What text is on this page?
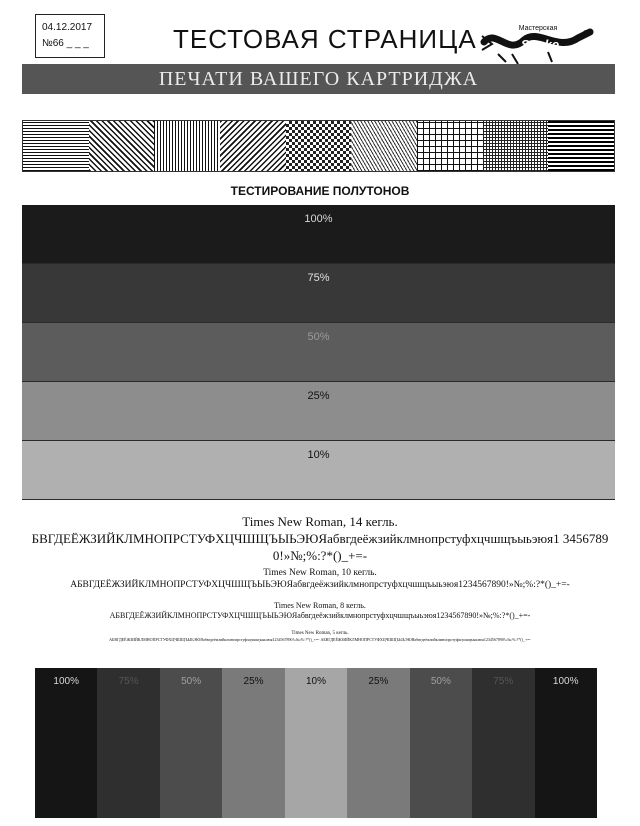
04.12.2017
№66 _ _ _	ТЕСТОВАЯ СТРАНИЦА	Мастерская
Snake
ПЕЧАТИ ВАШЕГО КАРТРИДЖА
ТЕСТИРОВАНИЕ ПОЛУТОНОВ
100%
75%
50%
25%
10%
Times New Roman, 14 кегль.
БВГДЕЁЖЗИЙКЛМНОПРСТУФХЦЧШЩЪЫЬЭЮЯабвгдеёжзийклмнопрстуфхцчшщъыьэюя1 34567890!»№;%:?*()_+=-
Times New Roman, 10 кегль.
АБВГДЕЁЖЗИЙКЛМНОПРСТУФХЦЧШЩЪЫЬЭЮЯабвгдеёжзийклмнопрстуфхцчшщъыьэюя1234567890!»№;%:?*()_+=-
Times New Roman, 8 кегль.
АБВГДЕЁЖЗИЙКЛМНОПРСТУФХЦЧШЩЪЫЬЭЮЯабвгдеёжзийклмнопрстуфхцчшщъыьэюя1234567890!»№;%:?*()_+=-
Times New Roman, 5 кегль.
АБВГДЕЁЖЗИЙКЛМНОПРСТУФХЦЧШЩЪЫЬЭЮЯабвгдеёжзийклмнопрстуфхцчшщъыьэюя1234567890!»№;%:?*()_+=- АБВГДЕЁЖЗИЙКЛМНОПРСТУФХЦЧШЩЪЫЬЭЮЯабвгдеёжзийклмнопрстуфхцчшщъыьэюя1234567890!»№;%:?*()_+=-
100%	75%	50%	25%	10%	25%	50%	75%	100%
